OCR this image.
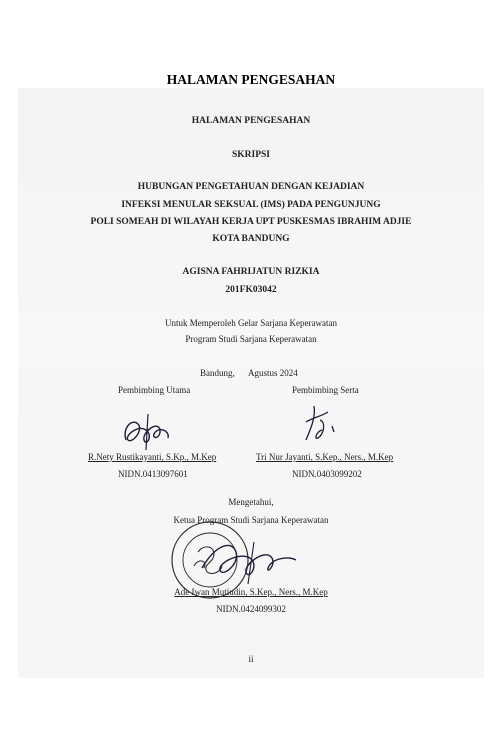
HALAMAN PENGESAHAN
HALAMAN PENGESAHAN
SKRIPSI
HUBUNGAN PENGETAHUAN DENGAN KEJADIAN
INFEKSI MENULAR SEKSUAL (IMS) PADA PENGUNJUNG
POLI SOMEAH DI WILAYAH KERJA UPT PUSKESMAS IBRAHIM ADJIE
KOTA BANDUNG
AGISNA FAHRIJATUN RIZKIA
201FK03042
Untuk Memperoleh Gelar Sarjana Keperawatan
Program Studi Sarjana Keperawatan
Bandung, Agustus 2024
Pembimbing Utama	Pembimbing Serta
R.Nety Rustikayanti, S.Kp., M.Kep	Tri Nur Jayanti, S.Kep., Ners., M.Kep
NIDN.0413097601	NIDN.0403099202
Mengetahui,
Ketua Program Studi Sarjana Keperawatan
Ade Iwan Mutiudin, S.Kep., Ners., M.Kep
NIDN.0424099302
ii
